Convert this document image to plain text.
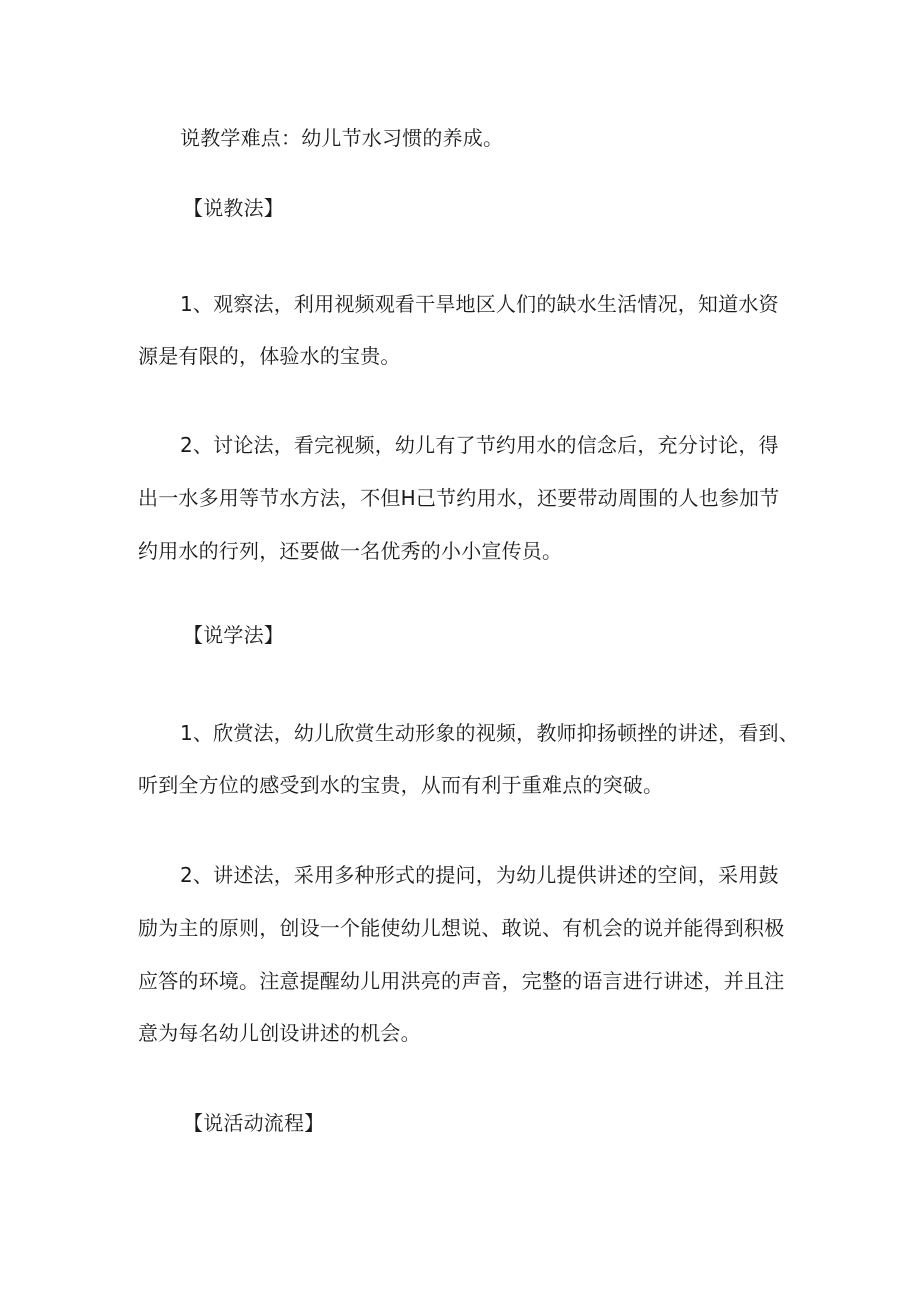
说教学难点：幼儿节水习惯的养成。
【说教法】
1、观察法，利用视频观看干旱地区人们的缺水生活情况，知道水资
源是有限的，体验水的宝贵。
2、讨论法，看完视频，幼儿有了节约用水的信念后，充分讨论，得
出一水多用等节水方法，不但H己节约用水，还要带动周围的人也参加节
约用水的行列，还要做一名优秀的小小宣传员。
【说学法】
1、欣赏法，幼儿欣赏生动形象的视频，教师抑扬顿挫的讲述，看到、
听到全方位的感受到水的宝贵，从而有利于重难点的突破。
2、讲述法，采用多种形式的提问，为幼儿提供讲述的空间，采用鼓
励为主的原则，创设一个能使幼儿想说、敢说、有机会的说并能得到积极
应答的环境。注意提醒幼儿用洪亮的声音，完整的语言进行讲述，并且注
意为每名幼儿创设讲述的机会。
【说活动流程】
